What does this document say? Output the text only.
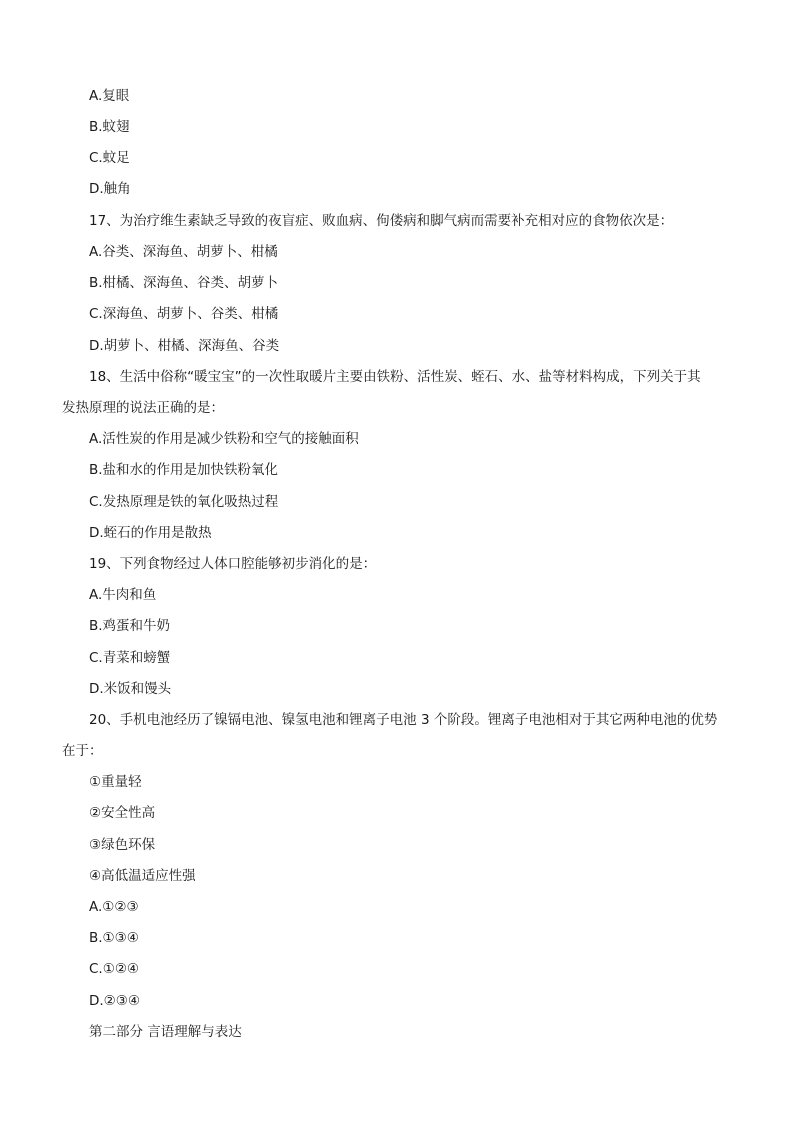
A.复眼
B.蚊翅
C.蚊足
D.触角
17、为治疗维生素缺乏导致的夜盲症、败血病、佝偻病和脚气病而需要补充相对应的食物依次是：
A.谷类、深海鱼、胡萝卜、柑橘
B.柑橘、深海鱼、谷类、胡萝卜
C.深海鱼、胡萝卜、谷类、柑橘
D.胡萝卜、柑橘、深海鱼、谷类
18、生活中俗称“暖宝宝”的一次性取暖片主要由铁粉、活性炭、蛭石、水、盐等材料构成，下列关于其
发热原理的说法正确的是：
A.活性炭的作用是减少铁粉和空气的接触面积
B.盐和水的作用是加快铁粉氧化
C.发热原理是铁的氧化吸热过程
D.蛭石的作用是散热
19、下列食物经过人体口腔能够初步消化的是：
A.牛肉和鱼
B.鸡蛋和牛奶
C.青菜和螃蟹
D.米饭和馒头
20、手机电池经历了镍镉电池、镍氢电池和锂离子电池 3 个阶段。锂离子电池相对于其它两种电池的优势
在于：
①重量轻
②安全性高
③绿色环保
④高低温适应性强
A.①②③
B.①③④
C.①②④
D.②③④
第二部分 言语理解与表达
